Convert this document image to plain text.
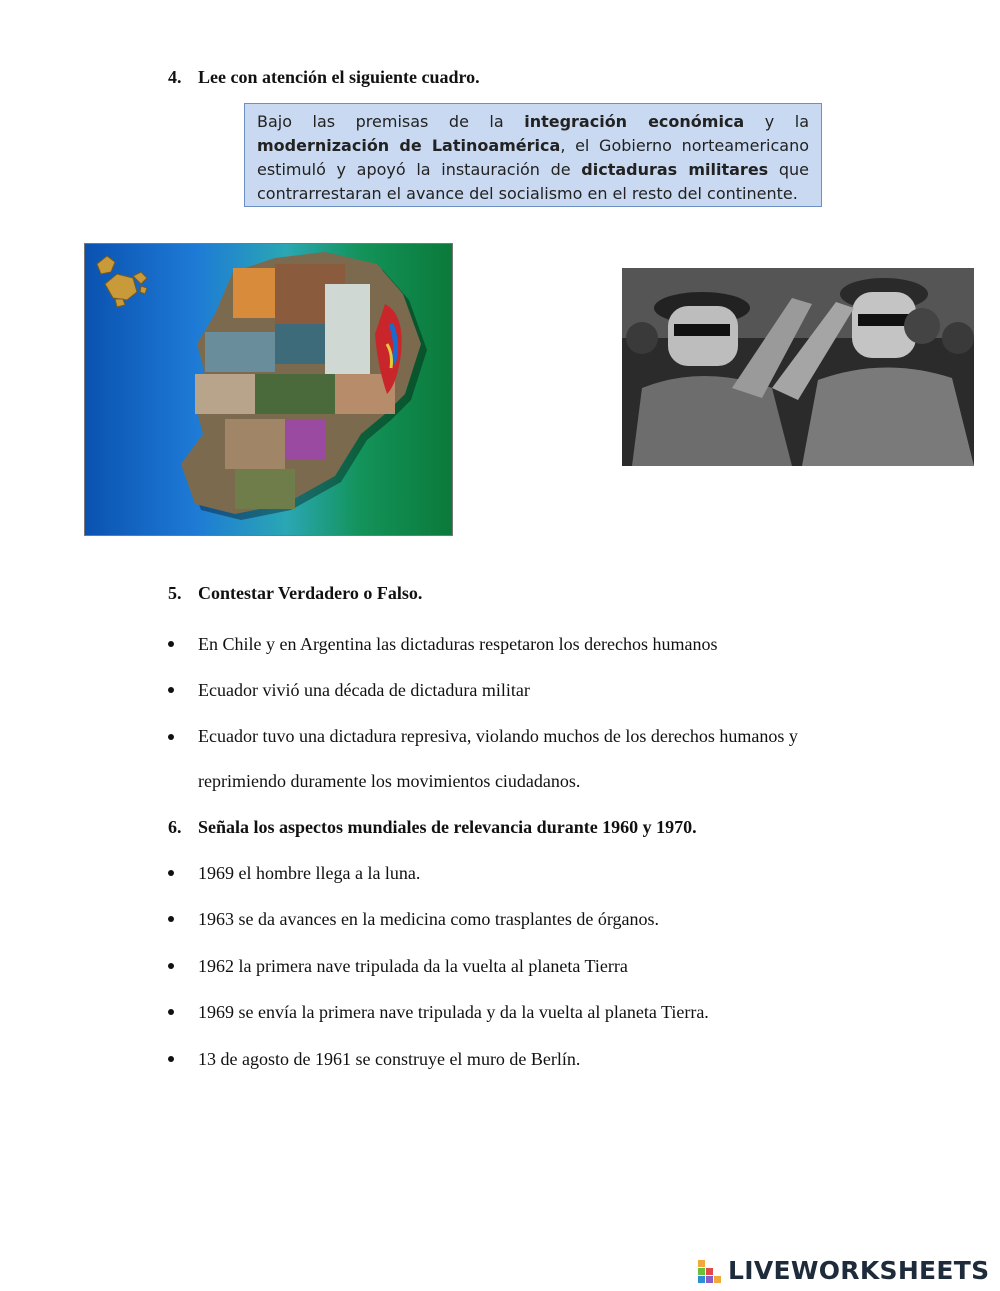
4. Lee con atención el siguiente cuadro.

Bajo las premisas de la integración económica y la modernización de Latinoamérica, el Gobierno norteamericano estimuló y apoyó la instauración de dictaduras militares que contrarrestaran el avance del socialismo en el resto del continente.

5. Contestar Verdadero o Falso.

En Chile y en Argentina las dictaduras respetaron los derechos humanos

Ecuador vivió una década de dictadura militar

Ecuador tuvo una dictadura represiva, violando muchos de los derechos humanos y reprimiendo duramente los movimientos ciudadanos.

6. Señala los aspectos mundiales de relevancia durante 1960 y 1970.

1969 el hombre llega a la luna.

1963 se da avances en la medicina como trasplantes de órganos.

1962 la primera nave tripulada da la vuelta al planeta Tierra

1969 se envía la primera nave tripulada y da la vuelta al planeta Tierra.

13 de agosto de 1961 se construye el muro de Berlín.

LIVEWORKSHEETS
